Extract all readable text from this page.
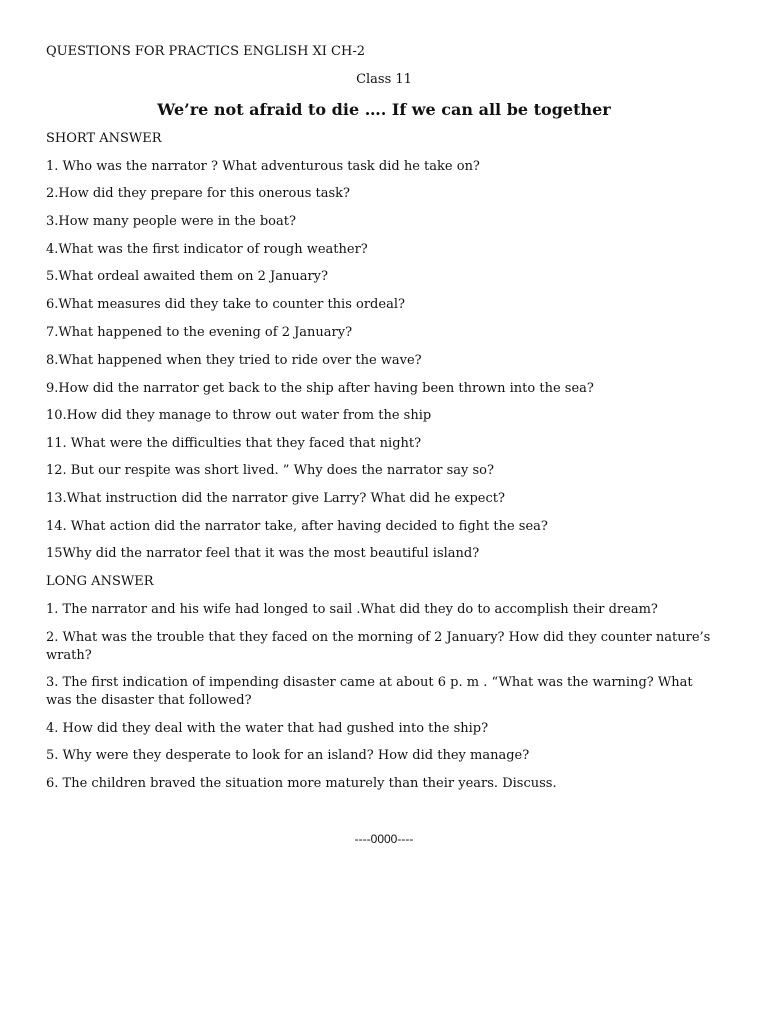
QUESTIONS FOR PRACTICS ENGLISH XI CH-2
Class 11
We’re not afraid to die …. If we can all be together
SHORT ANSWER
1. Who was the narrator ? What adventurous task did he take on?
2.How did they prepare for this onerous task?
3.How many people were in the boat?
4.What was the first indicator of rough weather?
5.What ordeal awaited them on 2 January?
6.What measures did they take to counter this ordeal?
7.What happened to the evening of 2 January?
8.What happened when they tried to ride over the wave?
9.How did the narrator get back to the ship after having been thrown into the sea?
10.How did they manage to throw out water from the ship
11. What were the difficulties that they faced that night?
12. But our respite was short lived. ” Why does the narrator say so?
13.What instruction did the narrator give Larry? What did he expect?
14. What action did the narrator take, after having decided to fight the sea?
15Why did the narrator feel that it was the most beautiful island?
LONG ANSWER
1. The narrator and his wife had longed to sail .What did they do to accomplish their dream?
2. What was the trouble that they faced on the morning of 2 January? How did they counter nature’s wrath?
3. The first indication of impending disaster came at about 6 p. m . “What was the warning? What was the disaster that followed?
4. How did they deal with the water that had gushed into the ship?
5. Why were they desperate to look for an island? How did they manage?
6. The children braved the situation more maturely than their years. Discuss.
----0000----
